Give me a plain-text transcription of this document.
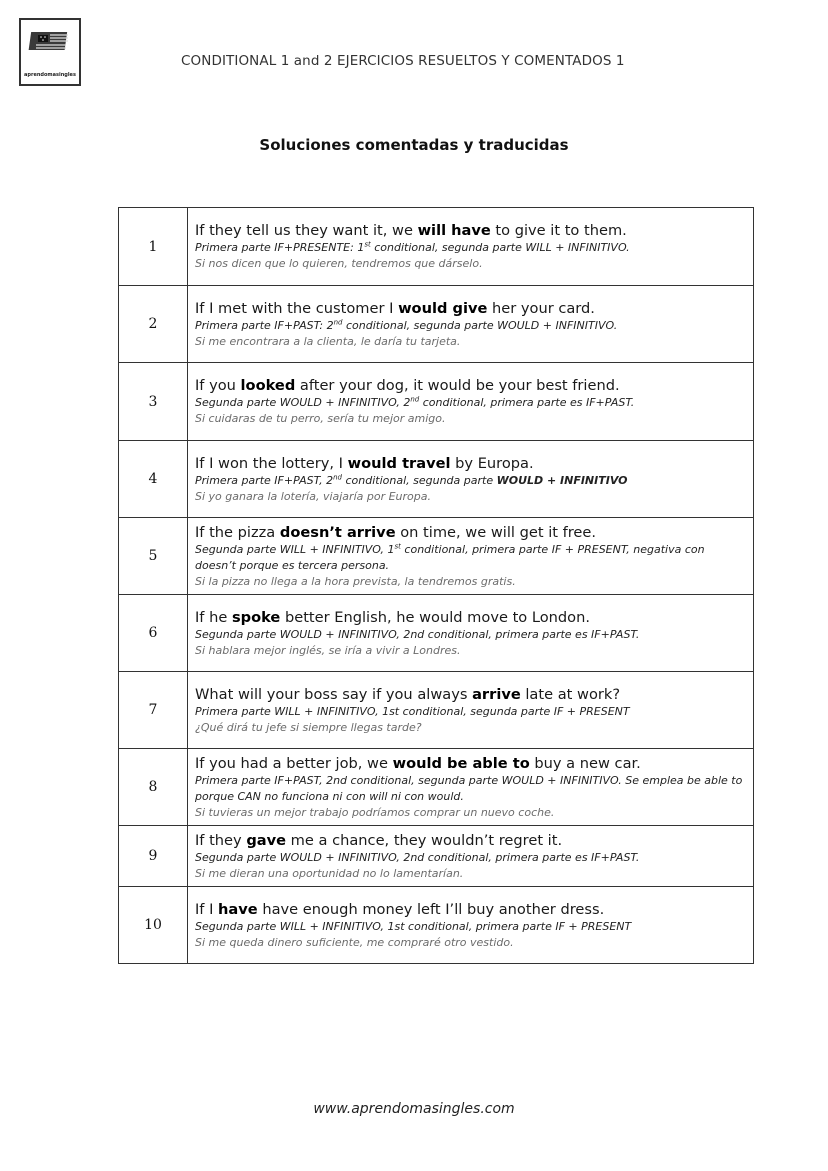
aprendomasingles
CONDITIONAL 1 and 2 EJERCICIOS RESUELTOS Y COMENTADOS 1
Soluciones comentadas y traducidas
1	If they tell us they want it, we will have to give it to them.
Primera parte IF+PRESENTE: 1st conditional, segunda parte WILL + INFINITIVO.
Si nos dicen que lo quieren, tendremos que dárselo.

2	If I met with the customer I would give her your card.
Primera parte IF+PAST: 2nd conditional, segunda parte WOULD + INFINITIVO.
Si me encontrara a la clienta, le daría tu tarjeta.

3	If you looked after your dog, it would be your best friend.
Segunda parte WOULD + INFINITIVO, 2nd conditional, primera parte es IF+PAST.
Si cuidaras de tu perro, sería tu mejor amigo.

4	If I won the lottery, I would travel by Europa.
Primera parte IF+PAST, 2nd conditional, segunda parte WOULD + INFINITIVO
Si yo ganara la lotería, viajaría por Europa.

5	If the pizza doesn’t arrive on time, we will get it free.
Segunda parte WILL + INFINITIVO, 1st conditional, primera parte IF + PRESENT, negativa con doesn’t porque es tercera persona.
Si la pizza no llega a la hora prevista, la tendremos gratis.

6	If he spoke better English, he would move to London.
Segunda parte WOULD + INFINITIVO, 2nd conditional, primera parte es IF+PAST.
Si hablara mejor inglés, se iría a vivir a Londres.

7	What will your boss say if you always arrive late at work?
Primera parte WILL + INFINITIVO, 1st conditional, segunda parte IF + PRESENT
¿Qué dirá tu jefe si siempre llegas tarde?

8	If you had a better job, we would be able to buy a new car.
Primera parte IF+PAST, 2nd conditional, segunda parte WOULD + INFINITIVO. Se emplea be able to porque CAN no funciona ni con will ni con would.
Si tuvieras un mejor trabajo podríamos comprar un nuevo coche.

9	If they gave me a chance, they wouldn’t regret it.
Segunda parte WOULD + INFINITIVO, 2nd conditional, primera parte es IF+PAST.
Si me dieran una oportunidad no lo lamentarían.

10	If I have have enough money left I’ll buy another dress.
Segunda parte WILL + INFINITIVO, 1st conditional, primera parte IF + PRESENT
Si me queda dinero suficiente, me compraré otro vestido.
www.aprendomasingles.com
